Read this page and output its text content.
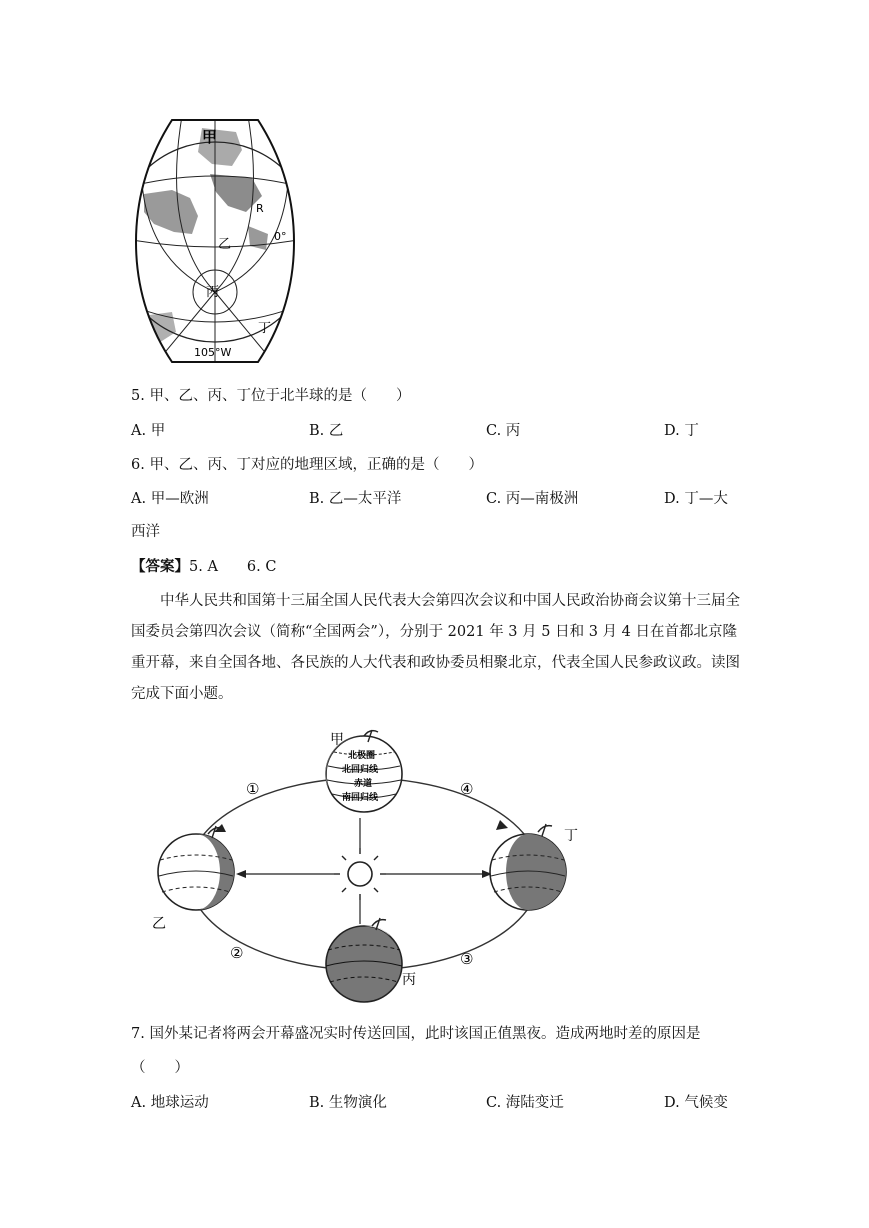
甲
乙
丙
丁
105°W
0°
R
5. 甲、乙、丙、丁位于北半球的是（　　）
A. 甲	B. 乙	C. 丙	D. 丁
6. 甲、乙、丙、丁对应的地理区域，正确的是（　　）
A. 甲—欧洲	B. 乙—太平洋	C. 丙—南极洲	D. 丁—大
西洋
【答案】5. A　　6. C
中华人民共和国第十三届全国人民代表大会第四次会议和中国人民政治协商会议第十三届全国委员会第四次会议（简称“全国两会”），分别于 2021 年 3 月 5 日和 3 月 4 日在首都北京隆重开幕，来自全国各地、各民族的人大代表和政协委员相聚北京，代表全国人民参政议政。读图完成下面小题。
北极圈
北回归线
赤道
南回归线
甲
乙
丁
丙
①
②	③
④
7. 国外某记者将两会开幕盛况实时传送回国，此时该国正值黑夜。造成两地时差的原因是
（　　）
A. 地球运动	B. 生物演化	C. 海陆变迁	D. 气候变
